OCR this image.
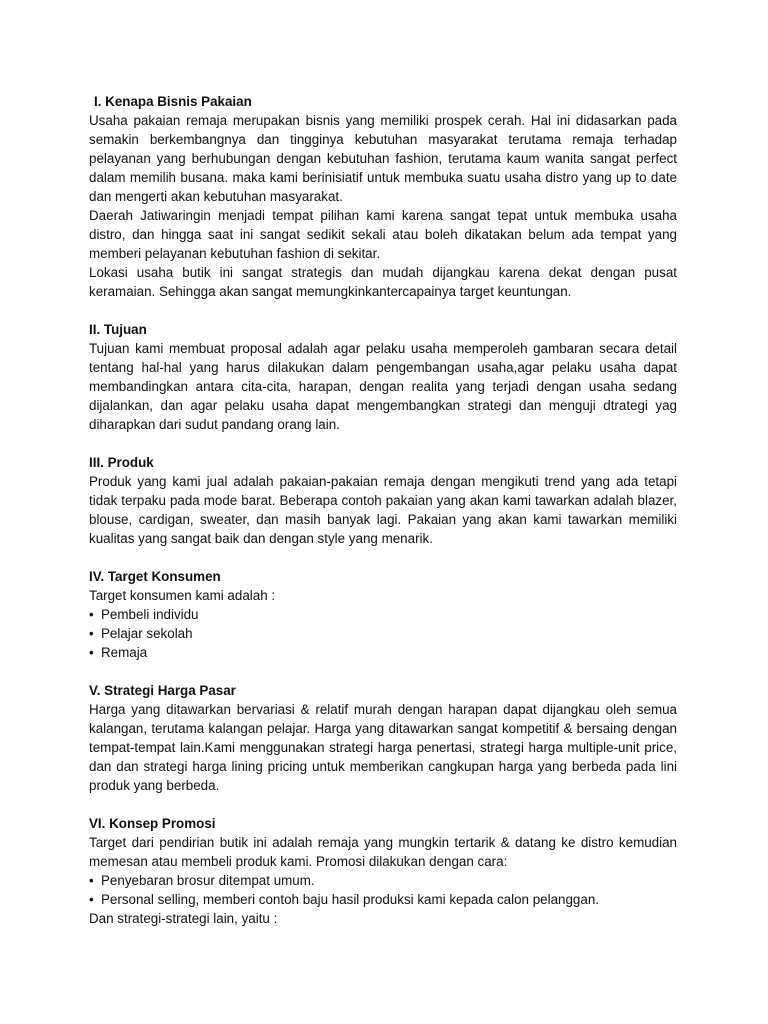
I. Kenapa Bisnis Pakaian

Usaha pakaian remaja merupakan bisnis yang memiliki prospek cerah. Hal ini didasarkan pada semakin berkembangnya dan tingginya kebutuhan masyarakat terutama remaja terhadap pelayanan yang berhubungan dengan kebutuhan fashion, terutama kaum wanita sangat perfect dalam memilih busana. maka kami berinisiatif untuk membuka suatu usaha distro yang up to date dan mengerti akan kebutuhan masyarakat.

Daerah Jatiwaringin menjadi tempat pilihan kami karena sangat tepat untuk membuka usaha distro, dan hingga saat ini sangat sedikit sekali atau boleh dikatakan belum ada tempat yang memberi pelayanan kebutuhan fashion di sekitar.

Lokasi usaha butik ini sangat strategis dan mudah dijangkau karena dekat dengan pusat keramaian. Sehingga akan sangat memungkinkantercapainya target keuntungan.

II. Tujuan

Tujuan kami membuat proposal adalah agar pelaku usaha memperoleh gambaran secara detail tentang hal-hal yang harus dilakukan dalam pengembangan usaha,agar pelaku usaha dapat membandingkan antara cita-cita, harapan, dengan realita yang terjadi dengan usaha sedang dijalankan, dan agar pelaku usaha dapat mengembangkan strategi dan menguji dtrategi yag diharapkan dari sudut pandang orang lain.

III. Produk

Produk yang kami jual adalah pakaian-pakaian remaja dengan mengikuti trend yang ada tetapi tidak terpaku pada mode barat. Beberapa contoh pakaian yang akan kami tawarkan adalah blazer, blouse, cardigan, sweater, dan masih banyak lagi. Pakaian yang akan kami tawarkan memiliki kualitas yang sangat baik dan dengan style yang menarik.

IV. Target Konsumen

Target konsumen kami adalah :

• Pembeli individu
• Pelajar sekolah
• Remaja
V. Strategi Harga Pasar

Harga yang ditawarkan bervariasi & relatif murah dengan harapan dapat dijangkau oleh semua kalangan, terutama kalangan pelajar. Harga yang ditawarkan sangat kompetitif & bersaing dengan tempat-tempat lain.Kami menggunakan strategi harga penertasi, strategi harga multiple-unit price, dan dan strategi harga lining pricing untuk memberikan cangkupan harga yang berbeda pada lini produk yang berbeda.

VI. Konsep Promosi

Target dari pendirian butik ini adalah remaja yang mungkin tertarik & datang ke distro kemudian memesan atau membeli produk kami. Promosi dilakukan dengan cara:

• Penyebaran brosur ditempat umum.
• Personal selling, memberi contoh baju hasil produksi kami kepada calon pelanggan.

Dan strategi-strategi lain, yaitu :
